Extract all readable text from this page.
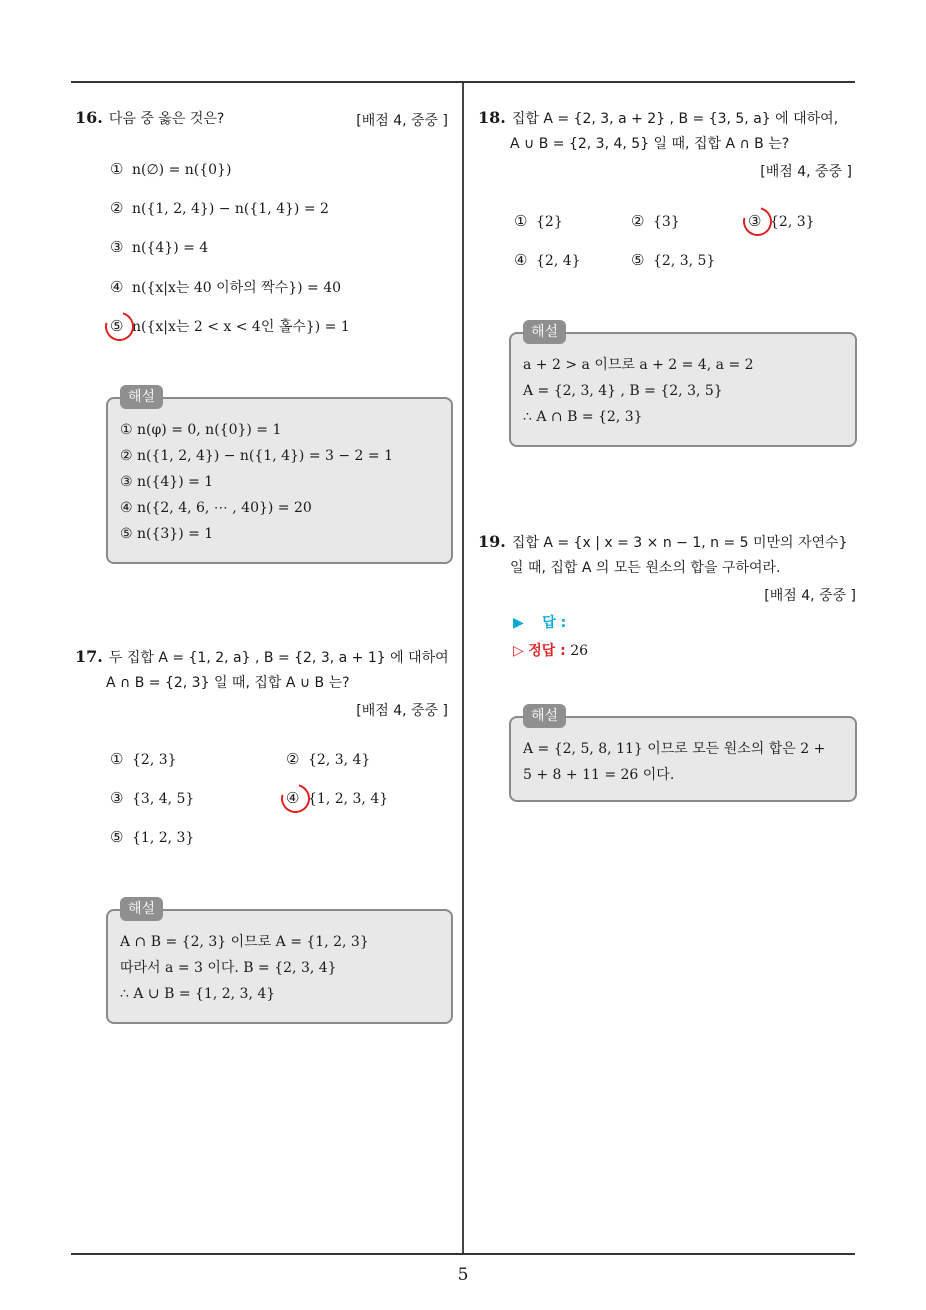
16. 다음 중 옳은 것은?	[배점 4, 중중 ]
① n(∅) = n({0})
② n({1, 2, 4}) − n({1, 4}) = 2
③ n({4}) = 4
④ n({x|x는 40 이하의 짝수}) = 40
⑤ n({x|x는 2 < x < 4인 홀수}) = 1
해설
① n(φ) = 0, n({0}) = 1
② n({1, 2, 4}) − n({1, 4}) = 3 − 2 = 1
③ n({4}) = 1
④ n({2, 4, 6, ⋯ , 40}) = 20
⑤ n({3}) = 1
17. 두 집합 A = {1, 2, a} , B = {2, 3, a + 1} 에 대하여
A ∩ B = {2, 3} 일 때, 집합 A ∪ B 는?
[배점 4, 중중 ]
① {2, 3}	② {2, 3, 4}
③ {3, 4, 5}	④ {1, 2, 3, 4}
⑤ {1, 2, 3}
해설
A ∩ B = {2, 3} 이므로 A = {1, 2, 3}
따라서 a = 3 이다. B = {2, 3, 4}
∴ A ∪ B = {1, 2, 3, 4}
18. 집합 A = {2, 3, a + 2} , B = {3, 5, a} 에 대하여,
A ∪ B = {2, 3, 4, 5} 일 때, 집합 A ∩ B 는?
[배점 4, 중중 ]
① {2}	② {3}	③ {2, 3}
④ {2, 4}	⑤ {2, 3, 5}
해설
a + 2 > a 이므로 a + 2 = 4, a = 2
A = {2, 3, 4} , B = {2, 3, 5}
∴ A ∩ B = {2, 3}
19. 집합 A = {x | x = 3 × n − 1, n = 5 미만의 자연수}
일 때, 집합 A 의 모든 원소의 합을 구하여라.
[배점 4, 중중 ]
▶ 답 :
▷ 정답 : 26
해설
A = {2, 5, 8, 11} 이므로 모든 원소의 합은 2 +
5 + 8 + 11 = 26 이다.
5
